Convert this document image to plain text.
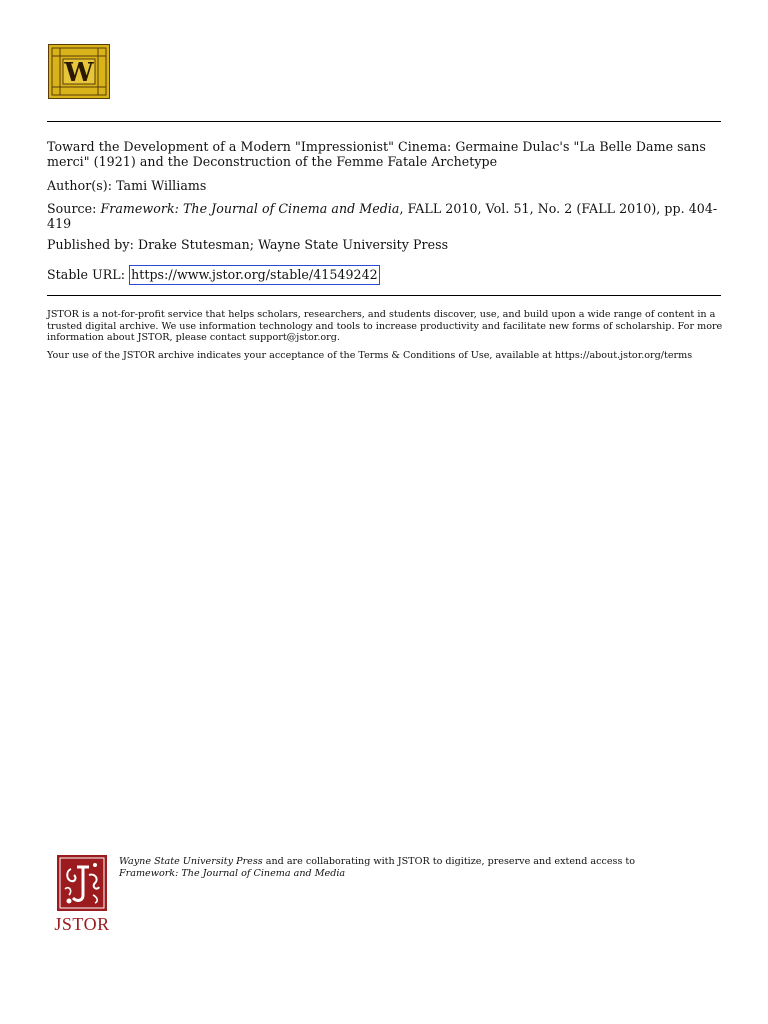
W
Toward the Development of a Modern "Impressionist" Cinema: Germaine Dulac's "La Belle Dame sans merci" (1921) and the Deconstruction of the Femme Fatale Archetype
Author(s): Tami Williams
Source: Framework: The Journal of Cinema and Media, FALL 2010, Vol. 51, No. 2 (FALL 2010), pp. 404-419
Published by: Drake Stutesman; Wayne State University Press
Stable URL: https://www.jstor.org/stable/41549242
JSTOR is a not-for-profit service that helps scholars, researchers, and students discover, use, and build upon a wide range of content in a trusted digital archive. We use information technology and tools to increase productivity and facilitate new forms of scholarship. For more information about JSTOR, please contact support@jstor.org.
Your use of the JSTOR archive indicates your acceptance of the Terms & Conditions of Use, available at https://about.jstor.org/terms
JSTOR
Wayne State University Press and are collaborating with JSTOR to digitize, preserve and extend access to Framework: The Journal of Cinema and Media
